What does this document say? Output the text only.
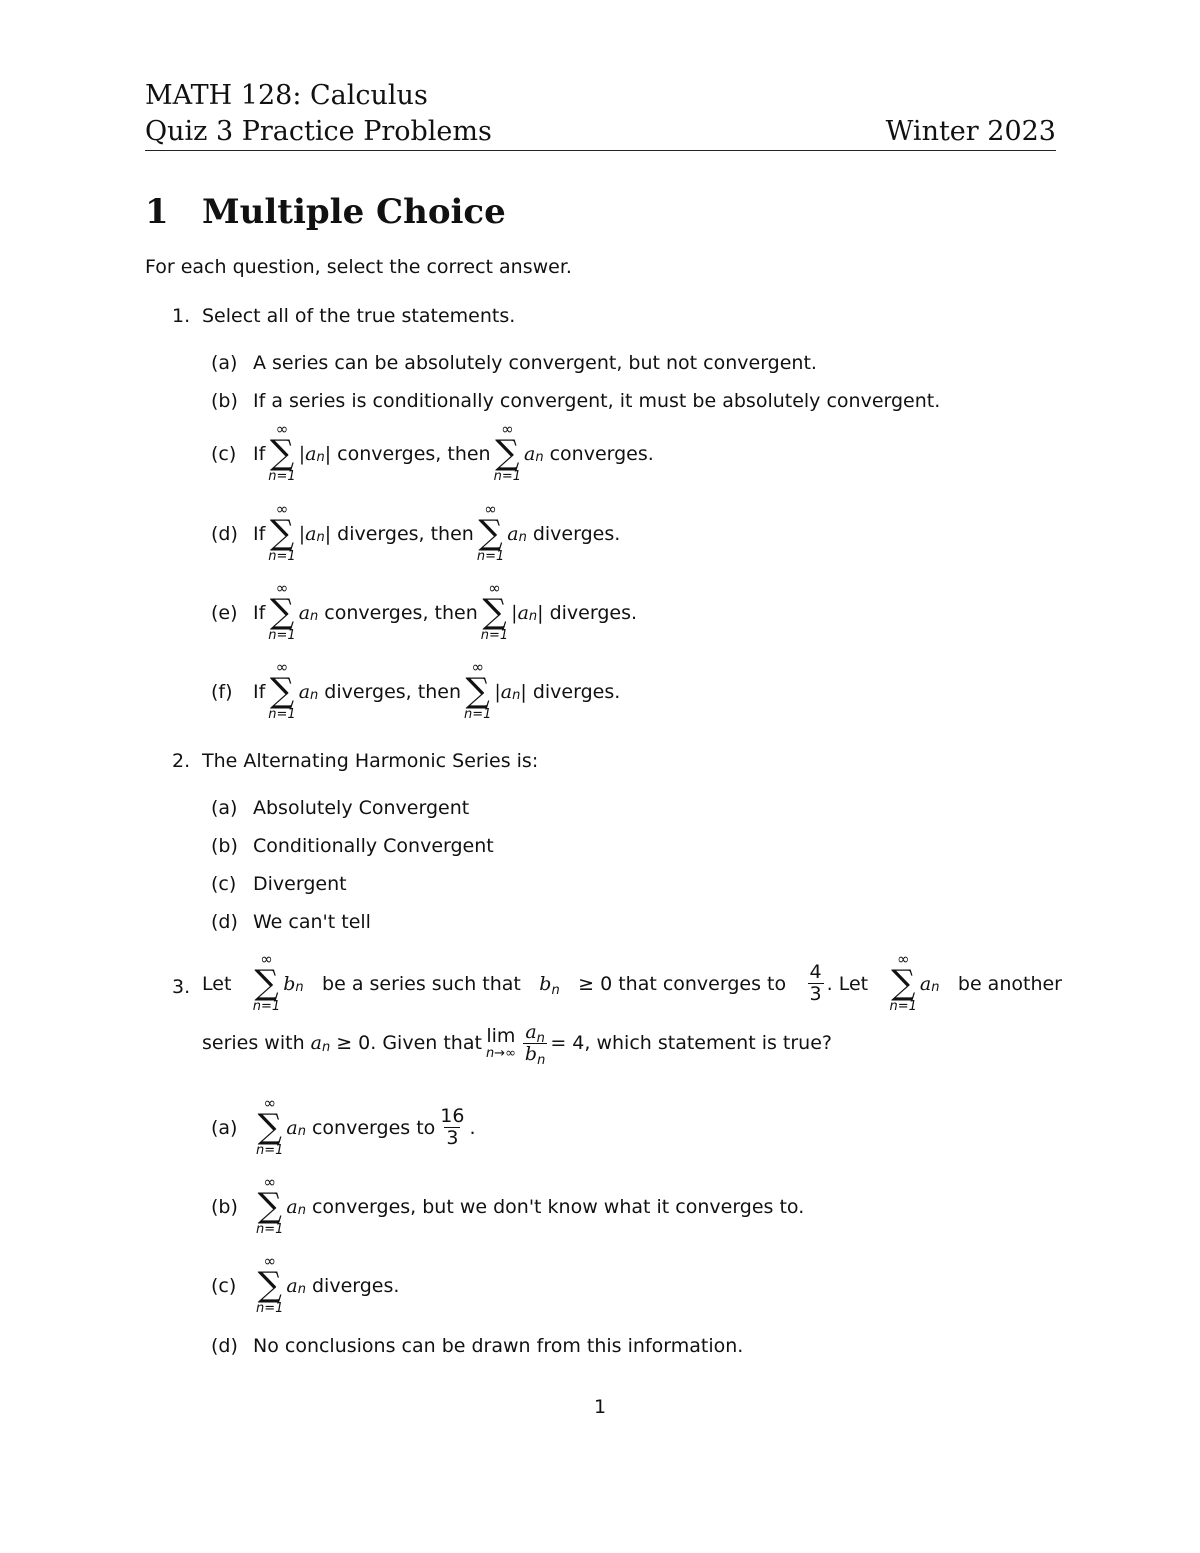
MATH 128: Calculus
Quiz 3 Practice Problems	Winter 2023
1 Multiple Choice
For each question, select the correct answer.
1. Select all of the true statements.
(a) A series can be absolutely convergent, but not convergent.
(b) If a series is conditionally convergent, it must be absolutely convergent.
(c) If
∞
∑
n=1
|a n | converges, then
∞
∑
n=1
a n converges.
(d) If
∞
∑
n=1
|a n | diverges, then
∞
∑
n=1
a n diverges.
(e) If
∞
∑
n=1
a n converges, then
∞
∑
n=1
|a n | diverges.
(f)	If
∞
∑
n=1
a n diverges, then
∞
∑
n=1
|a n | diverges.
2. The Alternating Harmonic Series is:
(a) Absolutely Convergent
(b) Conditionally Convergent
(c) Divergent
(d) We can't tell
3. Let
∞
∑
n=1
b n be a series such that $b_n \ge 0$ that converges to $\frac{4}{3}$ . Let
∞
∑
n=1
a n be another
series with a n ≥ 0. Given that lim
$n\to\infty \frac{a_n}{b_n} = 4$, which statement is true?
(a)
∞
∑
n=1
a n converges to $\frac{16}{3}$ .
(b)
∞
∑
n=1
a n converges, but we don't know what it converges to.
(c)
∞
∑
n=1
a n diverges.
(d) No conclusions can be drawn from this information.
1
